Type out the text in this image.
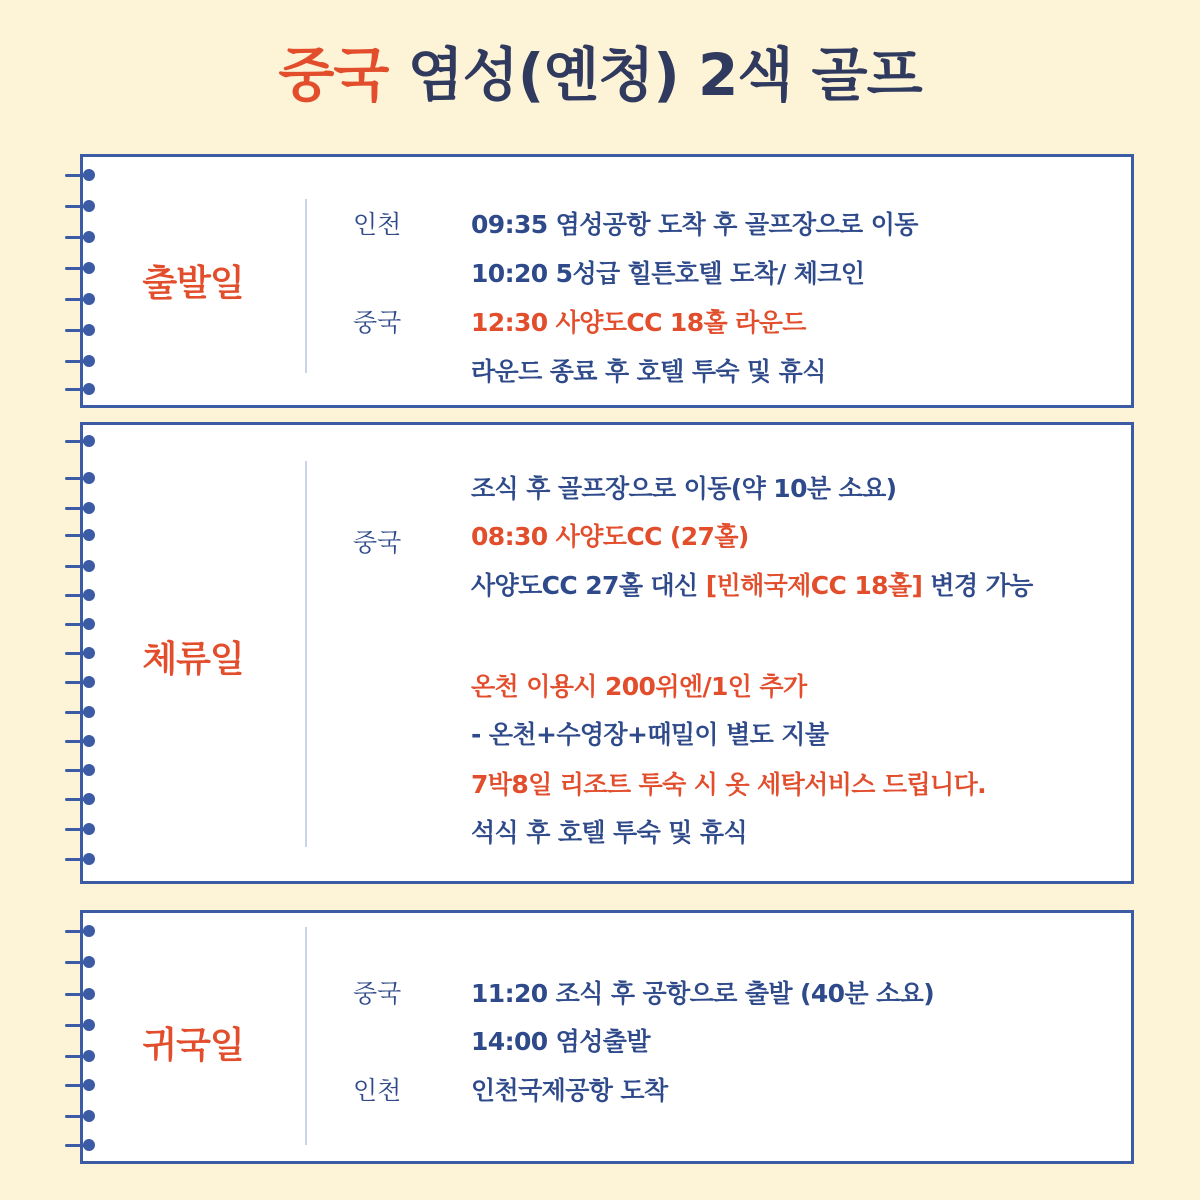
중국 염성(옌청) 2색 골프
출발일
인천
중국
09:35 염성공항 도착 후 골프장으로 이동
10:20 5성급 힐튼호텔 도착/ 체크인
12:30 사양도CC 18홀 라운드
라운드 종료 후 호텔 투숙 및 휴식
체류일
중국
조식 후 골프장으로 이동(약 10분 소요)
08:30 사양도CC (27홀)
사양도CC 27홀 대신 [빈해국제CC 18홀] 변경 가능
온천 이용시 200위엔/1인 추가
- 온천+수영장+때밀이 별도 지불
7박8일 리조트 투숙 시 옷 세탁서비스 드립니다.
석식 후 호텔 투숙 및 휴식
귀국일
중국
인천
11:20 조식 후 공항으로 출발 (40분 소요)
14:00 염성출발
인천국제공항 도착
